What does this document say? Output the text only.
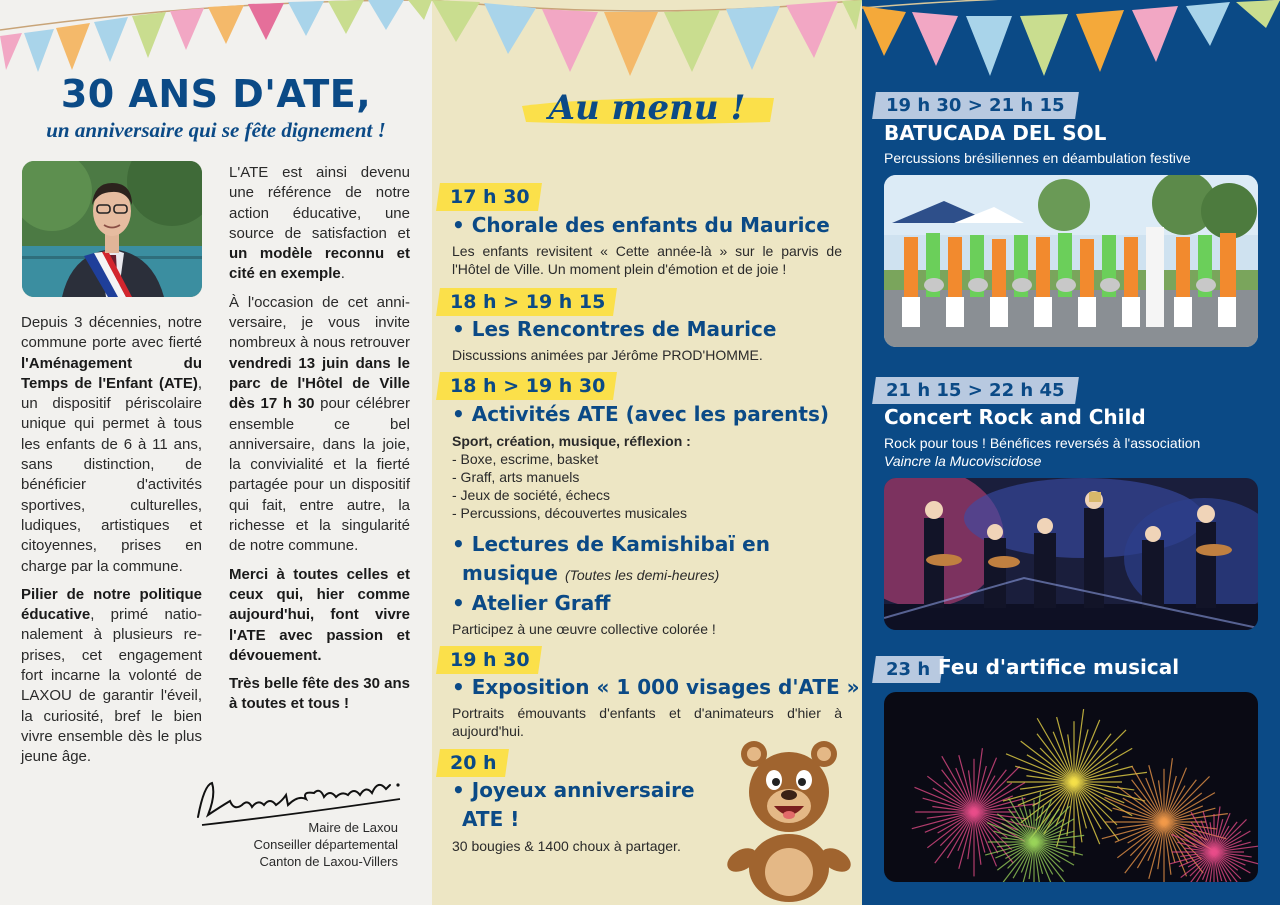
30 ANS D'ATE,
un anniversaire qui se fête dignement !

Depuis 3 décennies, notre commune porte avec fierté l'Aménagement du Temps de l'Enfant (ATE), un dispositif périscolaire unique qui permet à tous les enfants de 6 à 11 ans, sans distinction, de bénéficier d'activités sportives, culturelles, ludiques, artistiques et citoyennes, prises en charge par la commune.

Pilier de notre politique éducative, primé nationalement à plusieurs reprises, cet engagement fort incarne la volonté de LAXOU de garantir l'éveil, la curiosité, bref le bien vivre ensemble dès le plus jeune âge.

L'ATE est ainsi devenu une référence de notre action éducative, une source de satisfaction et un modèle reconnu et cité en exemple.

À l'occasion de cet anniversaire, je vous invite nombreux à nous retrouver vendredi 13 juin dans le parc de l'Hôtel de Ville dès 17 h 30 pour célébrer ensemble ce bel anniversaire, dans la joie, la convivialité et la fierté partagée pour un dispositif qui fait, entre autre, la richesse et la singularité de notre commune.

Merci à toutes celles et ceux qui, hier comme aujourd'hui, font vivre l'ATE avec passion et dévouement.

Très belle fête des 30 ans à toutes et tous !

Maire de Laxou
Conseiller départemental
Canton de Laxou-Villers
Au menu !
17 h 30

• Chorale des enfants du Maurice

Les enfants revisitent « Cette année-là » sur le parvis de l'Hôtel de Ville. Un moment plein d'émotion et de joie !

18 h > 19 h 15

• Les Rencontres de Maurice

Discussions animées par Jérôme PROD'HOMME.

18 h > 19 h 30

• Activités ATE (avec les parents)

Sport, création, musique, réflexion :

- Boxe, escrime, basket

- Graff, arts manuels

- Jeux de société, échecs

- Percussions, découvertes musicales

• Lectures de Kamishibaï en

musique (Toutes les demi-heures)

• Atelier Graff

Participez à une œuvre collective colorée !

19 h 30

• Exposition « 1 000 visages d'ATE »

Portraits émouvants d'enfants et d'animateurs d'hier à aujourd'hui.

20 h

• Joyeux anniversaire

ATE !

30 bougies & 1400 choux à partager.

19 h 30 > 21 h 15

BATUCADA DEL SOL

Percussions brésiliennes en déambulation festive

21 h 15 > 22 h 45

Concert Rock and Child

Rock pour tous ! Bénéfices reversés à l'association
Vaincre la Mucoviscidose

23 h Feu d'artifice musical
